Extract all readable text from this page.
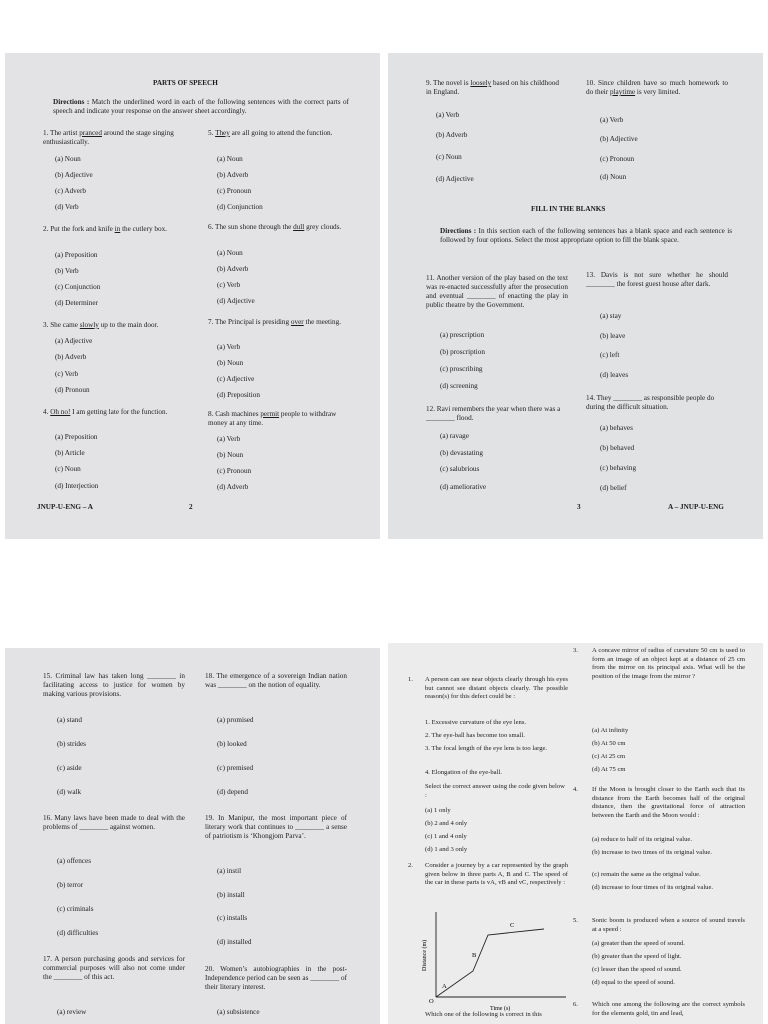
PARTS OF SPEECH
Directions : Match the underlined word in each of the following sentences with the correct parts of speech and indicate your response on the answer sheet accordingly.
1. The artist pranced around the stage singing enthusiastically.
(a) Noun
(b) Adjective
(c) Adverb
(d) Verb
2. Put the fork and knife in the cutlery box.
(a) Preposition
(b) Verb
(c) Conjunction
(d) Determiner
3. She came slowly up to the main door.
(a) Adjective
(b) Adverb
(c) Verb
(d) Pronoun
4. Oh no! I am getting late for the function.
(a) Preposition
(b) Article
(c) Noun
(d) Interjection
5. They are all going to attend the function.
(a) Noun
(b) Adverb
(c) Pronoun
(d) Conjunction
6. The sun shone through the dull grey clouds.
(a) Noun
(b) Adverb
(c) Verb
(d) Adjective
7. The Principal is presiding over the meeting.
(a) Verb
(b) Noun
(c) Adjective
(d) Preposition
8. Cash machines permit people to withdraw money at any time.
(a) Verb
(b) Noun
(c) Pronoun
(d) Adverb
JNUP-U-ENG – A	2
9. The novel is loosely based on his childhood in England.
(a) Verb
(b) Adverb
(c) Noun
(d) Adjective
10. Since children have so much homework to do their playtime is very limited.
(a) Verb
(b) Adjective
(c) Pronoun
(d) Noun
FILL IN THE BLANKS
Directions : In this section each of the following sentences has a blank space and each sentence is followed by four options. Select the most appropriate option to fill the blank space.
11. Another version of the play based on the text was re-enacted successfully after the prosecution and eventual ________ of enacting the play in public theatre by the Government.
(a) prescription
(b) proscription
(c) proscribing
(d) screening
12. Ravi remembers the year when there was a ________ flood.
(a) ravage
(b) devastating
(c) salubrious
(d) ameliorative
13. Davis is not sure whether he should ________ the forest guest house after dark.
(a) stay
(b) leave
(c) left
(d) leaves
14. They ________ as responsible people do during the difficult situation.
(a) behaves
(b) behaved
(c) behaving
(d) belief
3	A – JNUP-U-ENG
15. Criminal law has taken long ________ in facilitating access to justice for women by making various provisions.
(a) stand
(b) strides
(c) aside
(d) walk
16. Many laws have been made to deal with the problems of ________ against women.
(a) offences
(b) terror
(c) criminals
(d) difficulties
17. A person purchasing goods and services for commercial purposes will also not come under the ________ of this act.
(a) review
18. The emergence of a sovereign Indian nation was ________ on the notion of equality.
(a) promised
(b) looked
(c) premised
(d) depend
19. In Manipur, the most important piece of literary work that continues to ________ a sense of patriotism is ‘Khongjom Parva’.
(a) instil
(b) install
(c) installs
(d) installed
20. Women’s autobiographies in the post-Independence period can be seen as ________ of their literary interest.
(a) subsistence
1. A person can see near objects clearly through his eyes but cannot see distant objects clearly. The possible reason(s) for this defect could be :
1. Excessive curvature of the eye lens.
2. The eye-ball has become too small.
3. The focal length of the eye lens is too large.
4. Elongation of the eye-ball.
Select the correct answer using the code given below :
(a) 1 only
(b) 2 and 4 only
(c) 1 and 4 only
(d) 1 and 3 only
2. Consider a journey by a car represented by the graph given below in three parts A, B and C. The speed of the car in these parts is vA, vB and vC, respectively :
O
A
B
C
Distance (m)
Time (s)
Which one of the following is correct in this
3. A concave mirror of radius of curvature 50 cm is used to form an image of an object kept at a distance of 25 cm from the mirror on its principal axis. What will be the position of the image from the mirror ?
(a) At infinity
(b) At 50 cm
(c) At 25 cm
(d) At 75 cm
4. If the Moon is brought closer to the Earth such that its distance from the Earth becomes half of the original distance, then the gravitational force of attraction between the Earth and the Moon would :
(a) reduce to half of its original value.
(b) increase to two times of its original value.
(c) remain the same as the original value.
(d) increase to four times of its original value.
5. Sonic boom is produced when a source of sound travels at a speed :
(a) greater than the speed of sound.
(b) greater than the speed of light.
(c) lesser than the speed of sound.
(d) equal to the speed of sound.
6. Which one among the following are the correct symbols for the elements gold, tin and lead,
